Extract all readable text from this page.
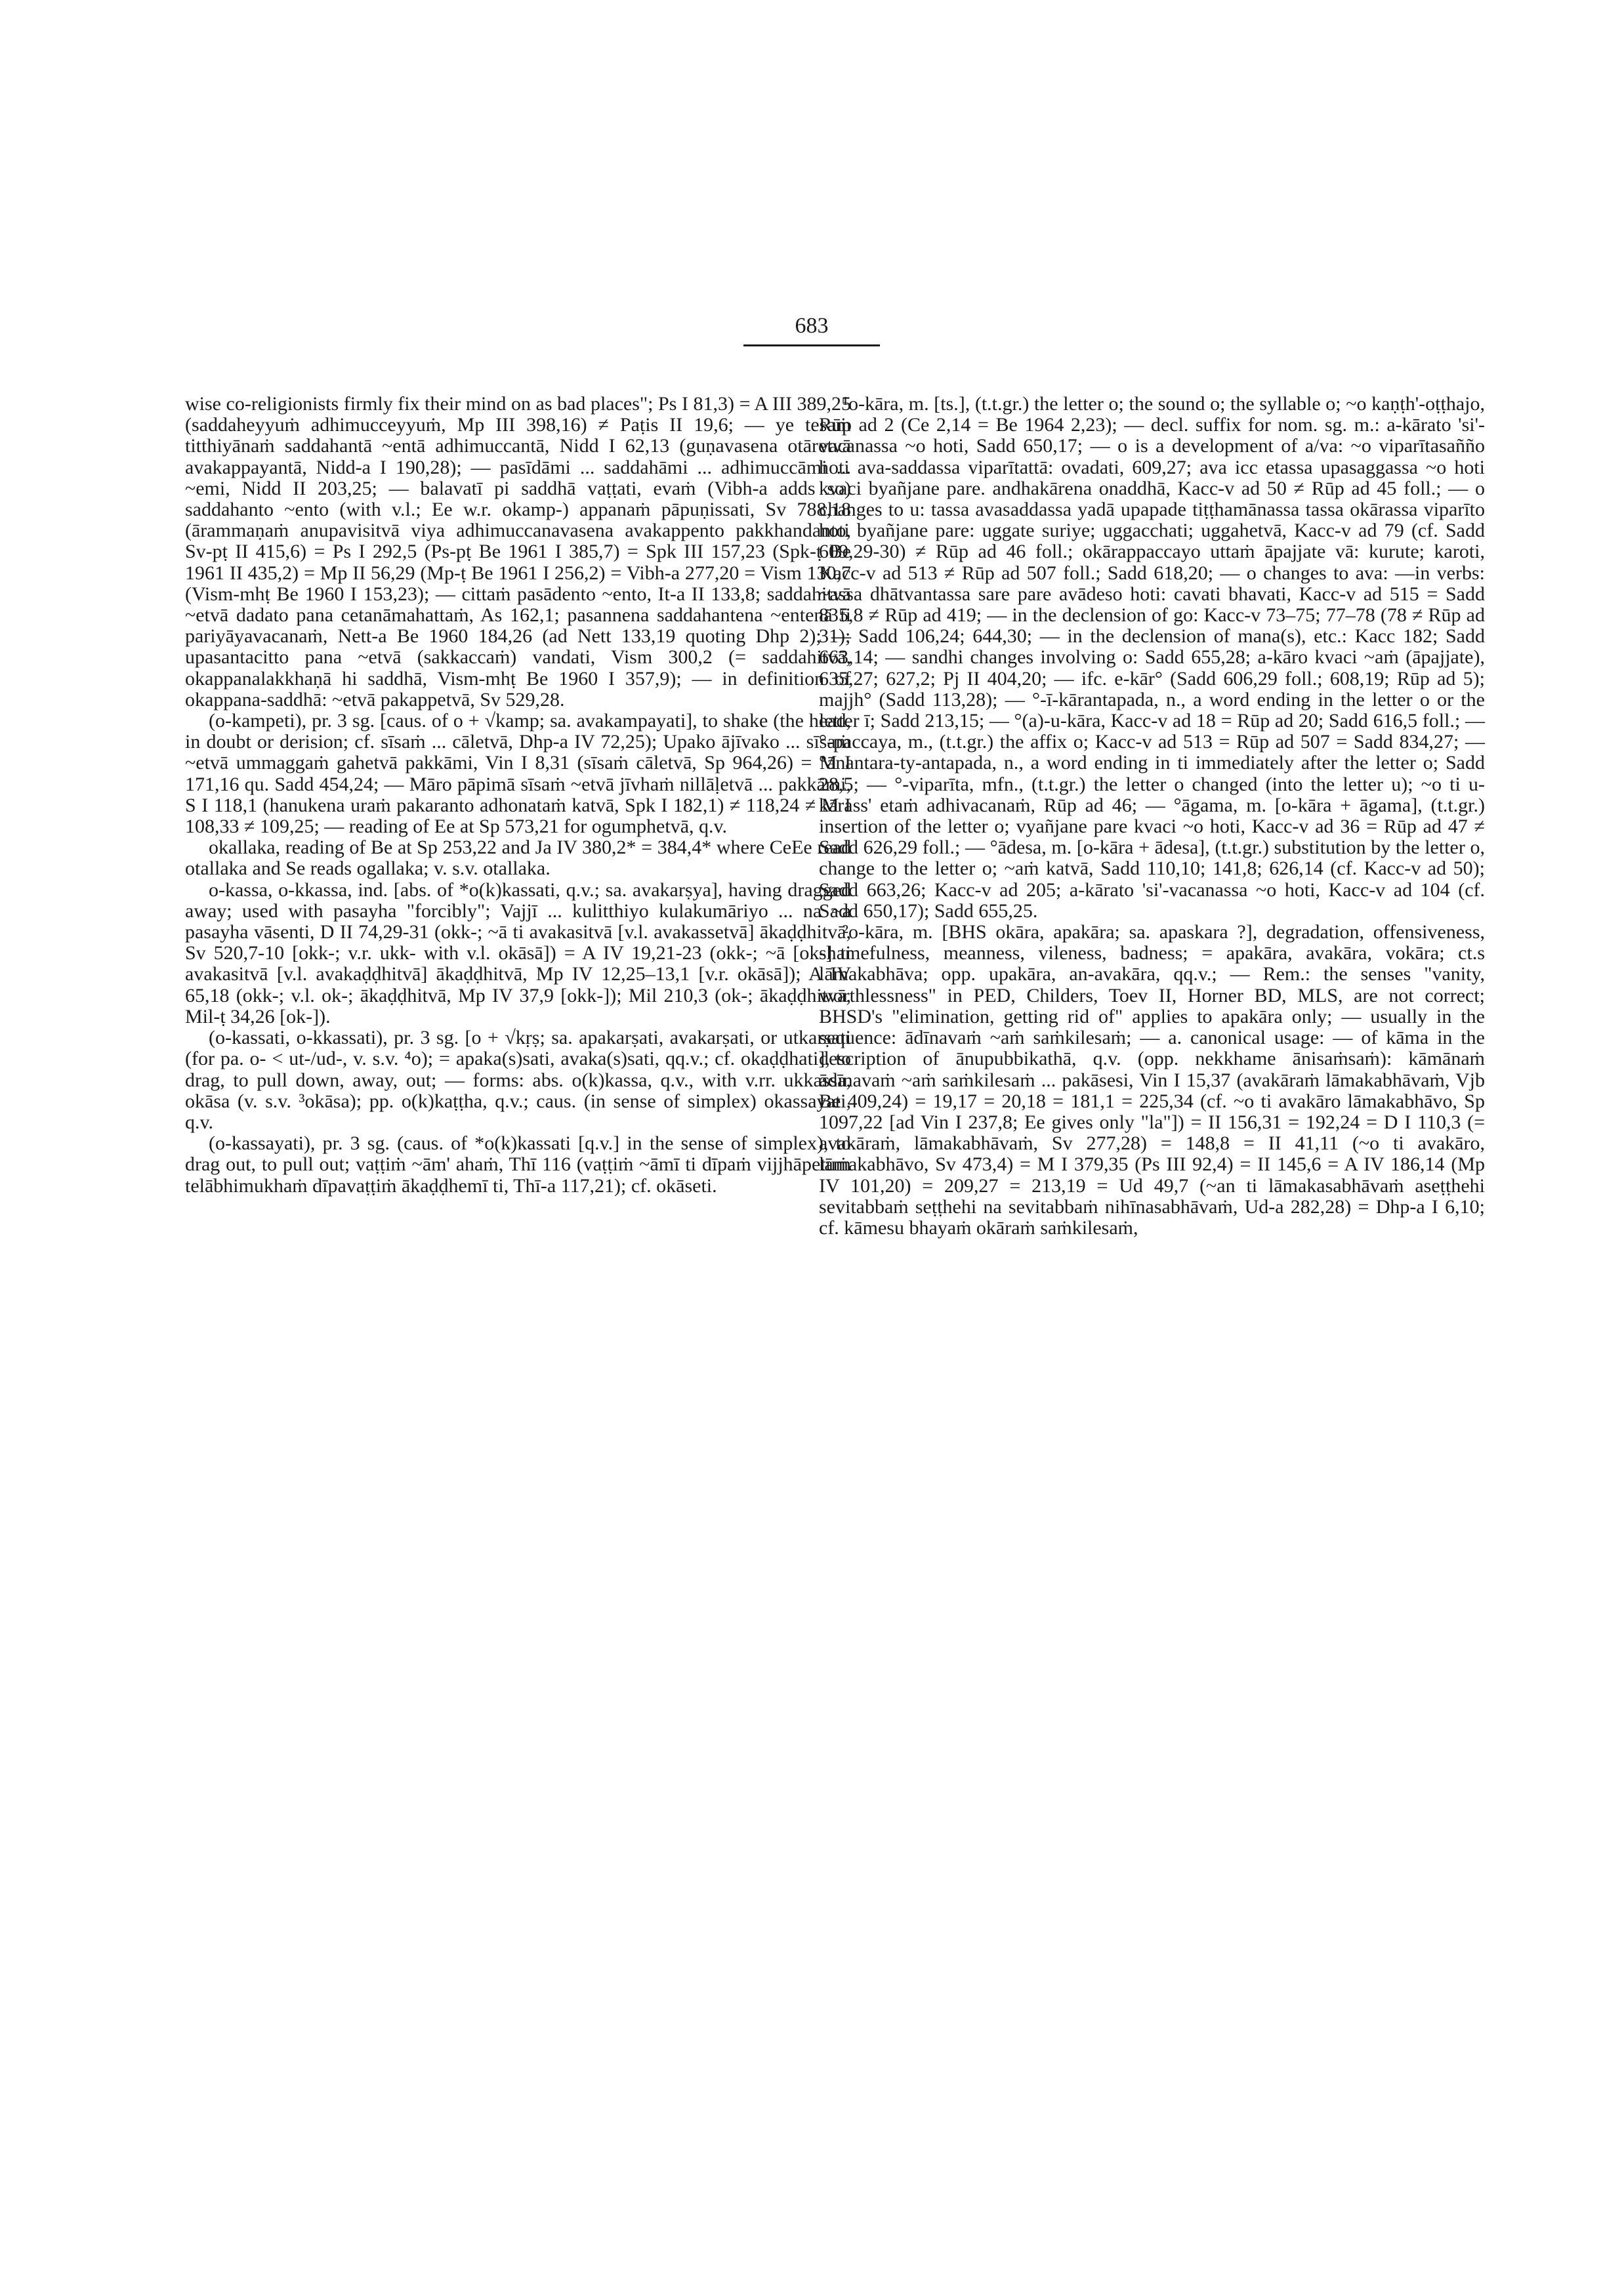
683

wise co-religionists firmly fix their mind on as bad places"; Ps I 81,3) = A III 389,25 (saddaheyyuṁ adhimucceyyuṁ, Mp III 398,16) ≠ Paṭis II 19,6; — ye tesaṁ titthiyānaṁ saddahantā ~entā adhimuccantā, Nidd I 62,13 (guṇavasena otāretvā avakappayantā, Nidd-a I 190,28); — pasīdāmi ... saddahāmi ... adhimuccāmi ... ~emi, Nidd II 203,25; — balavatī pi saddhā vaṭṭati, evaṁ (Vibh-a adds so) saddahanto ~ento (with v.l.; Ee w.r. okamp-) appanaṁ pāpuṇissati, Sv 788,18 (ārammaṇaṁ anupavisitvā viya adhimuccanavasena avakappento pakkhandanto, Sv-pṭ II 415,6) = Ps I 292,5 (Ps-pṭ Be 1961 I 385,7) = Spk III 157,23 (Spk-ṭ Be 1961 II 435,2) = Mp II 56,29 (Mp-ṭ Be 1961 I 256,2) = Vibh-a 277,20 = Vism 130,7 (Vism-mhṭ Be 1960 I 153,23); — cittaṁ pasādento ~ento, It-a II 133,8; saddahitvā ~etvā dadato pana cetanāmahattaṁ, As 162,1; pasannena saddahantena ~entenā ti pariyāyavacanaṁ, Nett-a Be 1960 184,26 (ad Nett 133,19 quoting Dhp 2); — upasantacitto pana ~etvā (sakkaccaṁ) vandati, Vism 300,2 (= saddahitvā, okappanalakkhaṇā hi saddhā, Vism-mhṭ Be 1960 I 357,9); — in definition of okappana-saddhā: ~etvā pakappetvā, Sv 529,28.

(o-kampeti), pr. 3 sg. [caus. of o + √kamp; sa. avakampayati], to shake (the head, in doubt or derision; cf. sīsaṁ ... cāletvā, Dhp-a IV 72,25); Upako ājīvako ... sīsaṁ ~etvā ummaggaṁ gahetvā pakkāmi, Vin I 8,31 (sīsaṁ cāletvā, Sp 964,26) = M I 171,16 qu. Sadd 454,24; — Māro pāpimā sīsaṁ ~etvā jīvhaṁ nillāḷetvā ... pakkāmi, S I 118,1 (hanukena uraṁ pakaranto adhonataṁ katvā, Spk I 182,1) ≠ 118,24 ≠ M I 108,33 ≠ 109,25; — reading of Ee at Sp 573,21 for ogumphetvā, q.v.

okallaka, reading of Be at Sp 253,22 and Ja IV 380,2* = 384,4* where CeEe read otallaka and Se reads ogallaka; v. s.v. otallaka.

o-kassa, o-kkassa, ind. [abs. of *o(k)kassati, q.v.; sa. avakarṣya], having dragged away; used with pasayha "forcibly"; Vajjī ... kulitthiyo kulakumāriyo ... na ~a pasayha vāsenti, D II 74,29-31 (okk-; ~ā ti avakasitvā [v.l. avakassetvā] ākaḍḍhitvā, Sv 520,7-10 [okk-; v.r. ukk- with v.l. okāsā]) = A IV 19,21-23 (okk-; ~ā [ok-] ti avakasitvā [v.l. avakaḍḍhitvā] ākaḍḍhitvā, Mp IV 12,25–13,1 [v.r. okāsā]); A IV 65,18 (okk-; v.l. ok-; ākaḍḍhitvā, Mp IV 37,9 [okk-]); Mil 210,3 (ok-; ākaḍḍhitvā, Mil-ṭ 34,26 [ok-]).

(o-kassati, o-kkassati), pr. 3 sg. [o + √kṛṣ; sa. apakarṣati, avakarṣati, or utkarṣati (for pa. o- < ut-/ud-, v. s.v. ⁴o); = apaka(s)sati, avaka(s)sati, qq.v.; cf. okaḍḍhati], to drag, to pull down, away, out; — forms: abs. o(k)kassa, q.v., with v.rr. ukkassa, okāsa (v. s.v. ³okāsa); pp. o(k)kaṭṭha, q.v.; caus. (in sense of simplex) okassayati, q.v.

(o-kassayati), pr. 3 sg. (caus. of *o(k)kassati [q.v.] in the sense of simplex), to drag out, to pull out; vaṭṭiṁ ~ām' ahaṁ, Thī 116 (vaṭṭiṁ ~āmī ti dīpaṁ vijjhāpetuṁ telābhimukhaṁ dīpavaṭṭiṁ ākaḍḍhemī ti, Thī-a 117,21); cf. okāseti.

¹o-kāra, m. [ts.], (t.t.gr.) the letter o; the sound o; the syllable o; ~o kaṇṭh'-oṭṭhajo, Rūp ad 2 (Ce 2,14 = Be 1964 2,23); — decl. suffix for nom. sg. m.: a-kārato 'si'-vacanassa ~o hoti, Sadd 650,17; — o is a development of a/va: ~o viparītasañño hoti ava-saddassa viparītattā: ovadati, 609,27; ava icc etassa upasaggassa ~o hoti kvaci byañjane pare. andhakārena onaddhā, Kacc-v ad 50 ≠ Rūp ad 45 foll.; — o changes to u: tassa avasaddassa yadā upapade tiṭṭhamānassa tassa okārassa viparīto hoti byañjane pare: uggate suriye; uggacchati; uggahetvā, Kacc-v ad 79 (cf. Sadd 609,29-30) ≠ Rūp ad 46 foll.; okārappaccayo uttaṁ āpajjate vā: kurute; karoti, Kacc-v ad 513 ≠ Rūp ad 507 foll.; Sadd 618,20; — o changes to ava: —in verbs: ~assa dhātvantassa sare pare avādeso hoti: cavati bhavati, Kacc-v ad 515 = Sadd 835,8 ≠ Rūp ad 419; — in the declension of go: Kacc-v 73–75; 77–78 (78 ≠ Rūp ad 31); Sadd 106,24; 644,30; — in the declension of mana(s), etc.: Kacc 182; Sadd 663,14; — sandhi changes involving o: Sadd 655,28; a-kāro kvaci ~aṁ (āpajjate), 635,27; 627,2; Pj II 404,20; — ifc. e-kār° (Sadd 606,29 foll.; 608,19; Rūp ad 5); majjh° (Sadd 113,28); — °-ī-kārantapada, n., a word ending in the letter o or the letter ī; Sadd 213,15; — °(a)-u-kāra, Kacc-v ad 18 = Rūp ad 20; Sadd 616,5 foll.; — °-paccaya, m., (t.t.gr.) the affix o; Kacc-v ad 513 = Rūp ad 507 = Sadd 834,27; — °ānantara-ty-antapada, n., a word ending in ti immediately after the letter o; Sadd 28,5; — °-viparīta, mfn., (t.t.gr.) the letter o changed (into the letter u); ~o ti u-kārass' etaṁ adhivacanaṁ, Rūp ad 46; — °āgama, m. [o-kāra + āgama], (t.t.gr.) insertion of the letter o; vyañjane pare kvaci ~o hoti, Kacc-v ad 36 = Rūp ad 47 ≠ Sadd 626,29 foll.; — °ādesa, m. [o-kāra + ādesa], (t.t.gr.) substitution by the letter o, change to the letter o; ~aṁ katvā, Sadd 110,10; 141,8; 626,14 (cf. Kacc-v ad 50); Sadd 663,26; Kacc-v ad 205; a-kārato 'si'-vacanassa ~o hoti, Kacc-v ad 104 (cf. Sadd 650,17); Sadd 655,25.

²o-kāra, m. [BHS okāra, apakāra; sa. apaskara ?], degradation, offensiveness, shamefulness, meanness, vileness, badness; = apakāra, avakāra, vokāra; ct.s lāmakabhāva; opp. upakāra, an-avakāra, qq.v.; — Rem.: the senses "vanity, worthlessness" in PED, Childers, Toev II, Horner BD, MLS, are not correct; BHSD's "elimination, getting rid of" applies to apakāra only; — usually in the sequence: ādīnavaṁ ~aṁ saṁkilesaṁ; — a. canonical usage: — of kāma in the description of ānupubbikathā, q.v. (opp. nekkhame ānisaṁsaṁ): kāmānaṁ ādīnavaṁ ~aṁ saṁkilesaṁ ... pakāsesi, Vin I 15,37 (avakāraṁ lāmakabhāvaṁ, Vjb Be 409,24) = 19,17 = 20,18 = 181,1 = 225,34 (cf. ~o ti avakāro lāmakabhāvo, Sp 1097,22 [ad Vin I 237,8; Ee gives only "la"]) = II 156,31 = 192,24 = D I 110,3 (= avakāraṁ, lāmakabhāvaṁ, Sv 277,28) = 148,8 = II 41,11 (~o ti avakāro, lāmakabhāvo, Sv 473,4) = M I 379,35 (Ps III 92,4) = II 145,6 = A IV 186,14 (Mp IV 101,20) = 209,27 = 213,19 = Ud 49,7 (~an ti lāmakasabhāvaṁ aseṭṭhehi sevitabbaṁ seṭṭhehi na sevitabbaṁ nihīnasabhāvaṁ, Ud-a 282,28) = Dhp-a I 6,10; cf. kāmesu bhayaṁ okāraṁ saṁkilesaṁ,
